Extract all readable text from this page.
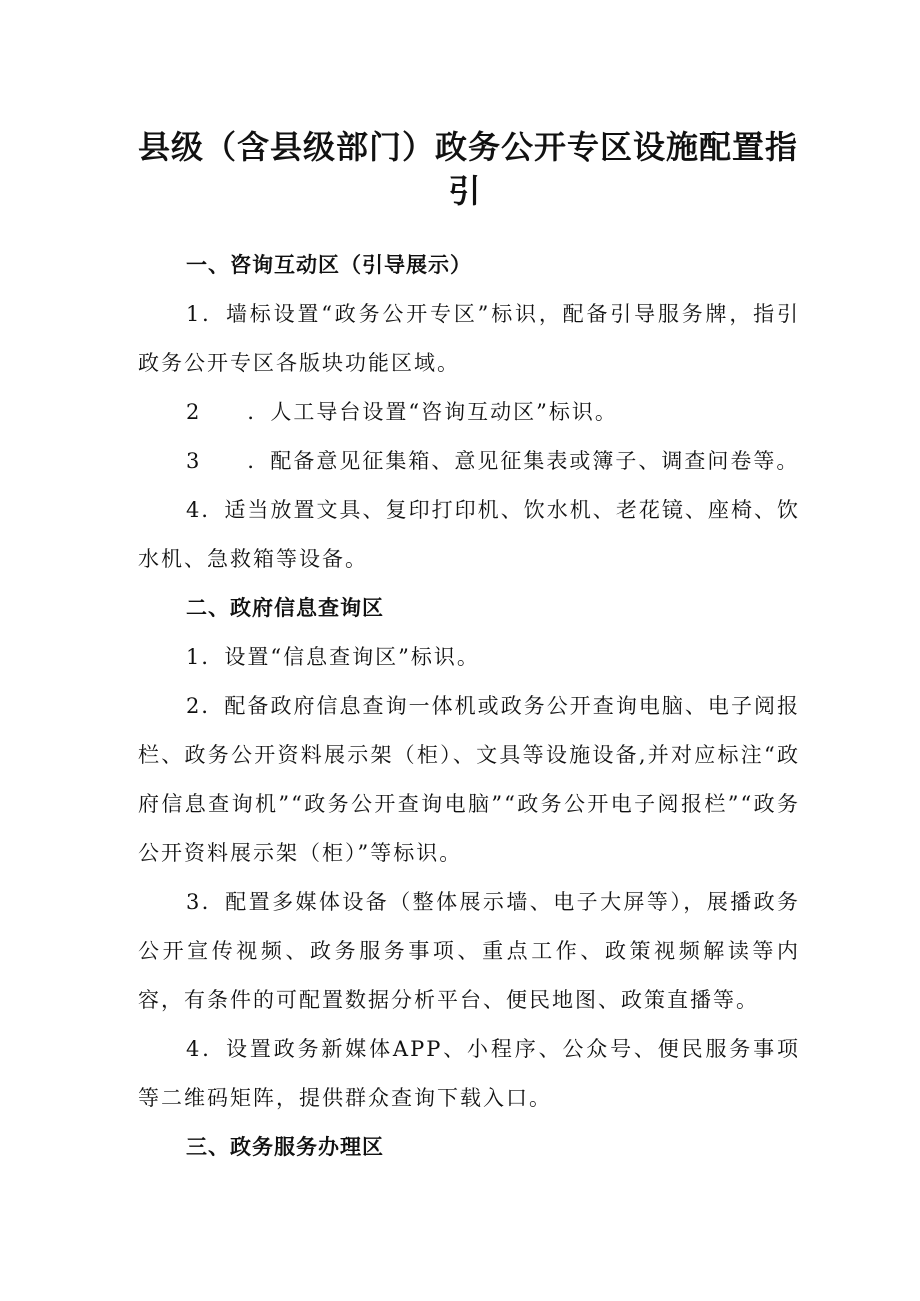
县级（含县级部门）政务公开专区设施配置指
引

一、咨询互动区（引导展示）

1．墙标设置“政务公开专区”标识，配备引导服务牌，指引政务公开专区各版块功能区域。

2　　．人工导台设置“咨询互动区”标识。

3　　．配备意见征集箱、意见征集表或簿子、调查问卷等。

4．适当放置文具、复印打印机、饮水机、老花镜、座椅、饮水机、急救箱等设备。

二、政府信息查询区

1．设置“信息查询区”标识。

2．配备政府信息查询一体机或政务公开查询电脑、电子阅报栏、政务公开资料展示架（柜）、文具等设施设备,并对应标注“政府信息查询机”“政务公开查询电脑”“政务公开电子阅报栏”“政务公开资料展示架（柜）”等标识。

3．配置多媒体设备（整体展示墙、电子大屏等），展播政务公开宣传视频、政务服务事项、重点工作、政策视频解读等内容，有条件的可配置数据分析平台、便民地图、政策直播等。

4．设置政务新媒体APP、小程序、公众号、便民服务事项等二维码矩阵，提供群众查询下载入口。

三、政务服务办理区
